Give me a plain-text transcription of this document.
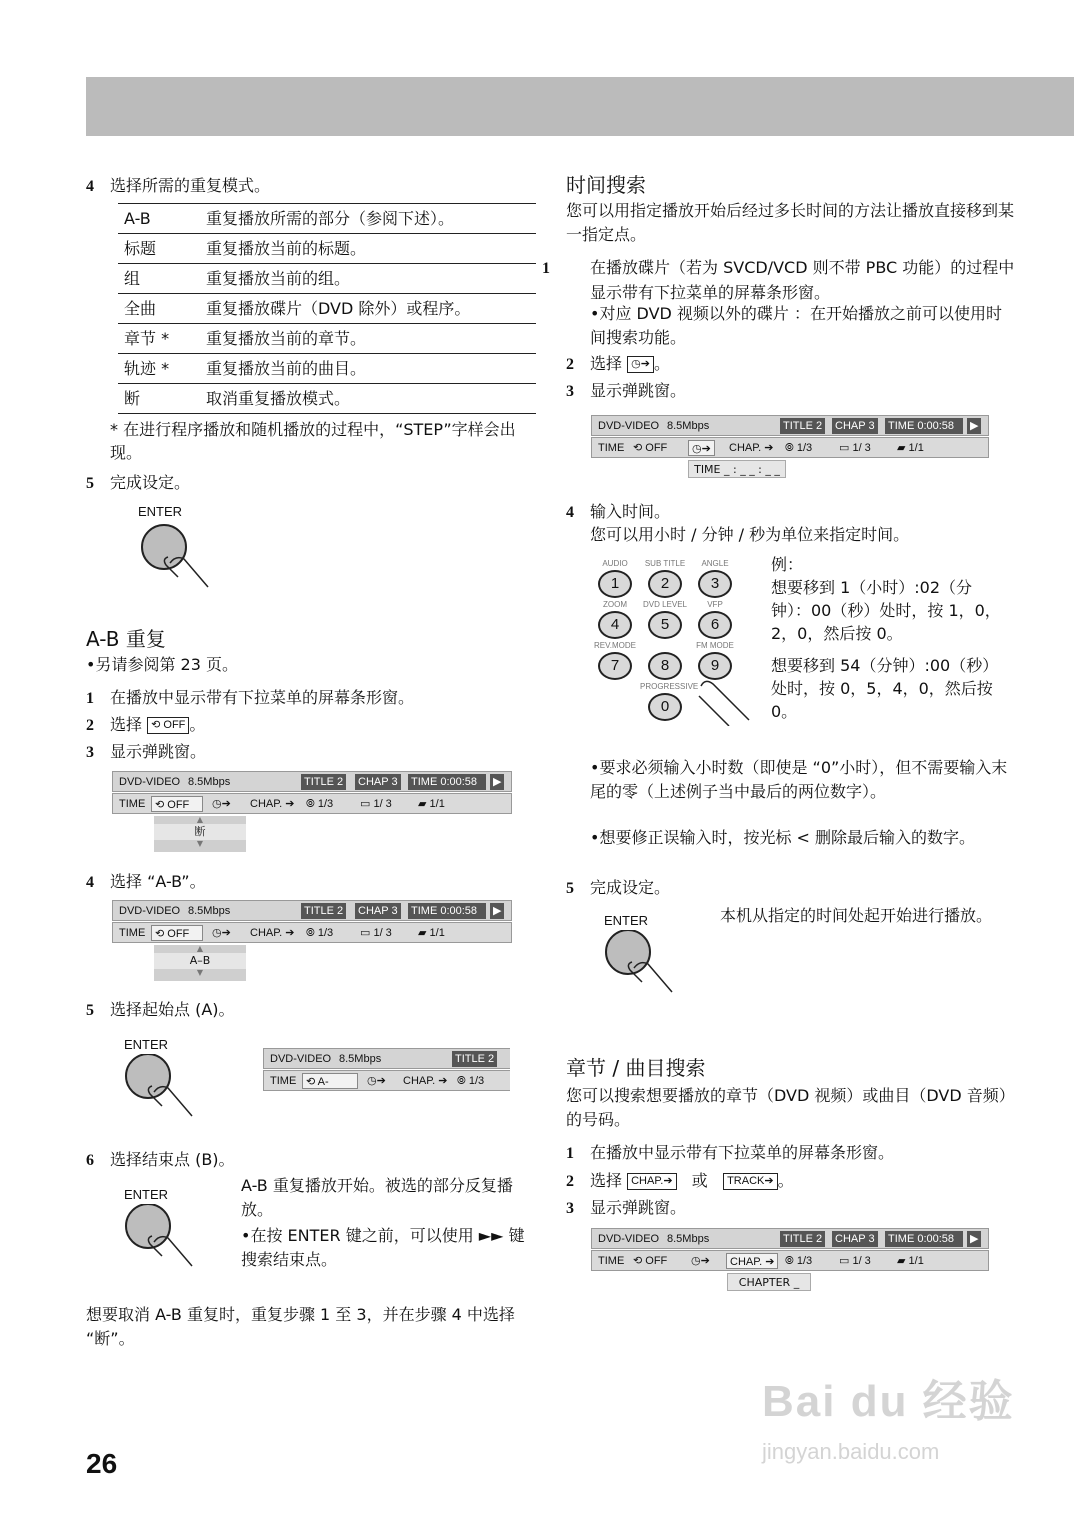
4 选择所需的重复模式。
A-B	重复播放所需的部分（参阅下述）。
标题	重复播放当前的标题。
组	重复播放当前的组。
全曲	重复播放碟片（DVD 除外）或程序。
章节 *	重复播放当前的章节。
轨迹 *	重复播放当前的曲目。
断	取消重复播放模式。
* 在进行程序播放和随机播放的过程中，“STEP”字样会出现。
5 完成设定。
ENTER
A-B 重复
•另请参阅第 23 页。
1 在播放中显示带有下拉菜单的屏幕条形窗。
2 选择 ⟲ OFF 。
3 显示弹跳窗。
DVD-VIDEO 8.5Mbps	TITLE 2 CHAP 3 TIME 0:00:58	▶
TIME ⟲ OFF	◷➔ CHAP. ➔ ⦾ 1/3 ▭ 1/ 3 ▰ 1/1
▲
断
▼
4 选择 “A-B”。
DVD-VIDEO 8.5Mbps	TITLE 2 CHAP 3 TIME 0:00:58	▶
TIME ⟲ OFF	◷➔ CHAP. ➔ ⦾ 1/3 ▭ 1/ 3 ▰ 1/1
▲
A–B
▼
5 选择起始点 (A)。
ENTER
DVD-VIDEO 8.5Mbps	TITLE 2
TIME ⟲ A-	◷➔ CHAP. ➔ ⦾ 1/3
6 选择结束点 (B)。
ENTER	A-B 重复播放开始。被选的部分反复播放。
•在按 ENTER 键之前，可以使用 ►► 键搜索结束点。
想要取消 A-B 重复时，重复步骤 1 至 3，并在步骤 4 中选择 “断”。
时间搜索
您可以用指定播放开始后经过多长时间的方法让播放直接移到某一指定点。
1	在播放碟片（若为 SVCD/VCD 则不带 PBC 功能）的过程中显示带有下拉菜单的屏幕条形窗。
•对应 DVD 视频以外的碟片 ：在开始播放之前可以使用时间搜索功能。
2 选择 ◷➔ 。
3 显示弹跳窗。
DVD-VIDEO 8.5Mbps	TITLE 2 CHAP 3 TIME 0:00:58	▶
TIME ⟲ OFF	◷➔	CHAP. ➔ ⦾ 1/3 ▭ 1/ 3 ▰ 1/1
TIME _ : _ _ : _ _
4 输入时间。
您可以用小时 / 分钟 / 秒为单位来指定时间。
AUDIO
1
SUB TITLE
2
ANGLE
3
ZOOM
4
DVD LEVEL
5
VFP
6
REV.MODE
7	8
FM MODE
9
PROGRESSIVE
0
例：
想要移到 1（小时）:02（分钟）：00（秒）处时，按 1，0，2，0，然后按 0。
想要移到 54（分钟）:00（秒）处时，按 0，5，4，0，然后按 0。
•要求必须输入小时数（即使是 “0”小时），但不需要输入末尾的零（上述例子当中最后的两位数字）。
•想要修正误输入时，按光标 < 删除最后输入的数字。
5 完成设定。
ENTER	本机从指定的时间处起开始进行播放。
章节 / 曲目搜索
您可以搜索想要播放的章节（DVD 视频）或曲目（DVD 音频）的号码。
1 在播放中显示带有下拉菜单的屏幕条形窗。
2 选择 CHAP.➔ 或 TRACK➔ 。
3 显示弹跳窗。
DVD-VIDEO 8.5Mbps	TITLE 2 CHAP 3 TIME 0:00:58	▶
TIME ⟲ OFF ◷➔	CHAP. ➔ ⦾ 1/3 ▭ 1/ 3 ▰ 1/1
CHAPTER _
26
Bai du 经验
jingyan.baidu.com
